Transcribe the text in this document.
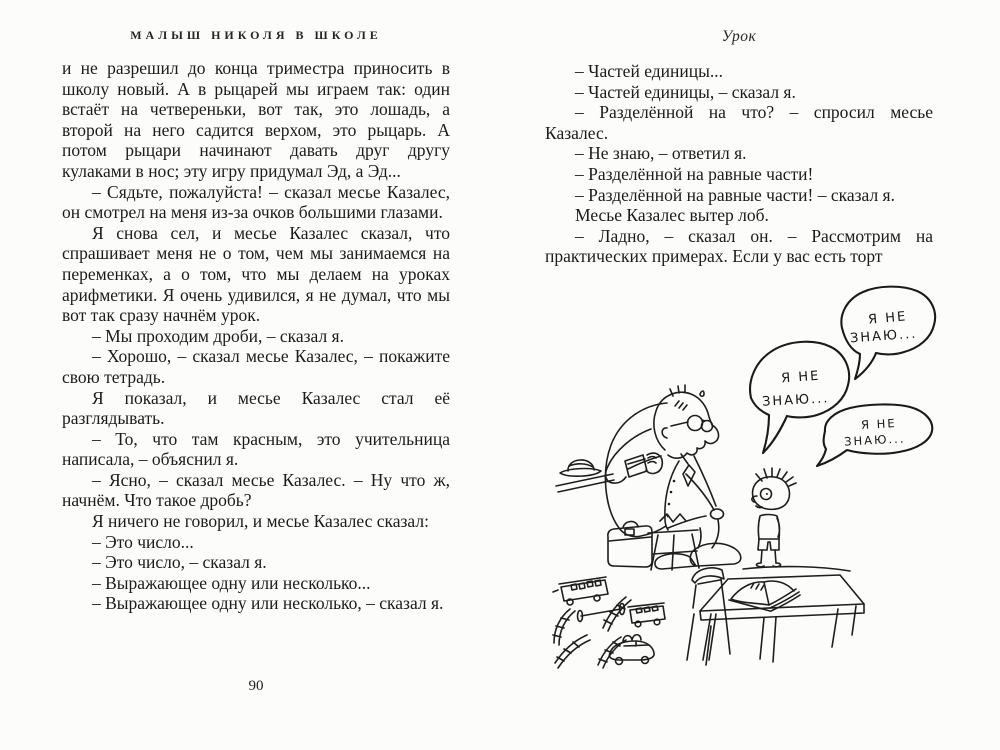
МАЛЫШ НИКОЛЯ В ШКОЛЕ

и не разрешил до конца триместра приносить в школу новый. А в рыцарей мы играем так: один встаёт на четвереньки, вот так, это лошадь, а второй на него садится верхом, это рыцарь. А потом рыцари начинают давать друг другу кулаками в нос; эту игру придумал Эд, а Эд...

– Сядьте, пожалуйста! – сказал месье Казалес, он смотрел на меня из-за очков большими глазами.

Я снова сел, и месье Казалес сказал, что спрашивает меня не о том, чем мы занимаемся на переменках, а о том, что мы делаем на уроках арифметики. Я очень удивился, я не думал, что мы вот так сразу начнём урок.

– Мы проходим дроби, – сказал я.

– Хорошо, – сказал месье Казалес, – покажите свою тетрадь.

Я показал, и месье Казалес стал её разглядывать.

– То, что там красным, это учительница написала, – объяснил я.

– Ясно, – сказал месье Казалес. – Ну что ж, начнём. Что такое дробь?

Я ничего не говорил, и месье Казалес сказал:

– Это число...

– Это число, – сказал я.

– Выражающее одну или несколько...

– Выражающее одну или несколько, – сказал я.

90
Урок

– Частей единицы...

– Частей единицы, – сказал я.

– Разделённой на что? – спросил месье Казалес.

– Не знаю, – ответил я.

– Разделённой на равные части!

– Разделённой на равные части! – сказал я.

Месье Казалес вытер лоб.

– Ладно, – сказал он. – Рассмотрим на практических примерах. Если у вас есть торт

Я НЕ
ЗНАЮ...
Я НЕ
ЗНАЮ...
Я НЕ
ЗНАЮ...
